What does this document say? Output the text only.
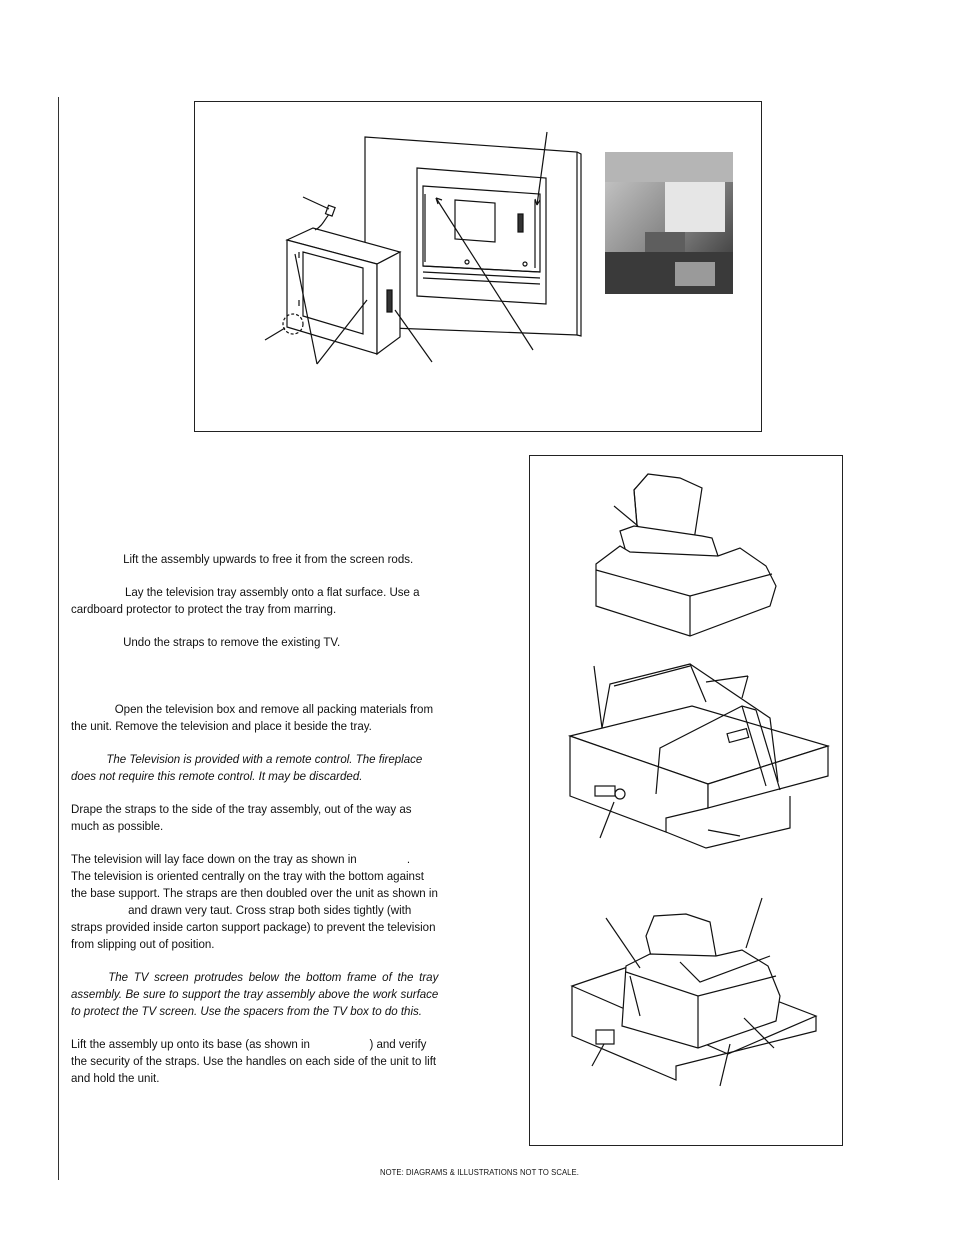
Lift the assembly upwards to free it from the screen rods.
Lay the television tray assembly onto a flat surface. Use a cardboard protector to protect the tray from marring.
Undo the straps to remove the existing TV.
Open the television box and remove all packing materials from the unit. Remove the television and place it beside the tray.
The Television is provided with a remote control. The fireplace does not require this remote control. It may be discarded.
Drape the straps to the side of the tray assembly, out of the way as much as possible.
The television will lay face down on the tray as shown in	.
The television is oriented centrally on the tray with the bottom against the base support. The straps are then doubled over the unit as shown in and drawn very taut. Cross strap both sides tightly (with straps provided inside carton support package) to prevent the television from slipping out of position.
The TV screen protrudes below the bottom frame of the tray assembly. Be sure to support the tray assembly above the work surface to protect the TV screen. Use the spacers from the TV box to do this.
Lift the assembly up onto its base (as shown in	) and verify the security of the straps. Use the handles on each side of the unit to lift and hold the unit.
NOTE: DIAGRAMS & ILLUSTRATIONS NOT TO SCALE.
